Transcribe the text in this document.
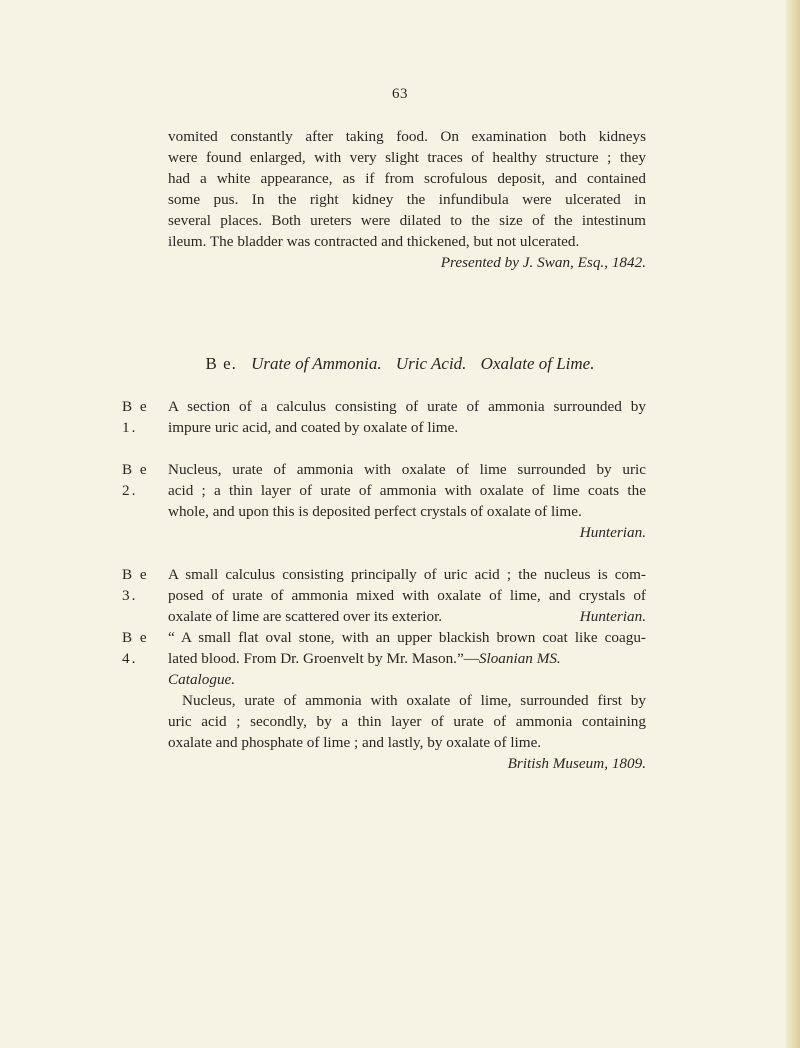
63
vomited constantly after taking food. On examination both kidneys
were found enlarged, with very slight traces of healthy structure ; they
had a white appearance, as if from scrofulous deposit, and contained
some pus. In the right kidney the infundibula were ulcerated in
several places. Both ureters were dilated to the size of the intestinum
ileum. The bladder was contracted and thickened, but not ulcerated.
Presented by J. Swan, Esq., 1842.
B e. Urate of Ammonia. Uric Acid. Oxalate of Lime.
B e 1.
A section of a calculus consisting of urate of ammonia surrounded by
impure uric acid, and coated by oxalate of lime.
B e 2.
Nucleus, urate of ammonia with oxalate of lime surrounded by uric
acid ; a thin layer of urate of ammonia with oxalate of lime coats the
whole, and upon this is deposited perfect crystals of oxalate of lime.
Hunterian.
B e 3.
A small calculus consisting principally of uric acid ; the nucleus is com-
posed of urate of ammonia mixed with oxalate of lime, and crystals of
oxalate of lime are scattered over its exterior.	Hunterian.
B e 4.
“ A small flat oval stone, with an upper blackish brown coat like coagu-
lated blood. From Dr. Groenvelt by Mr. Mason.”—Sloanian MS.
Catalogue.
Nucleus, urate of ammonia with oxalate of lime, surrounded first by
uric acid ; secondly, by a thin layer of urate of ammonia containing
oxalate and phosphate of lime ; and lastly, by oxalate of lime.
British Museum, 1809.
